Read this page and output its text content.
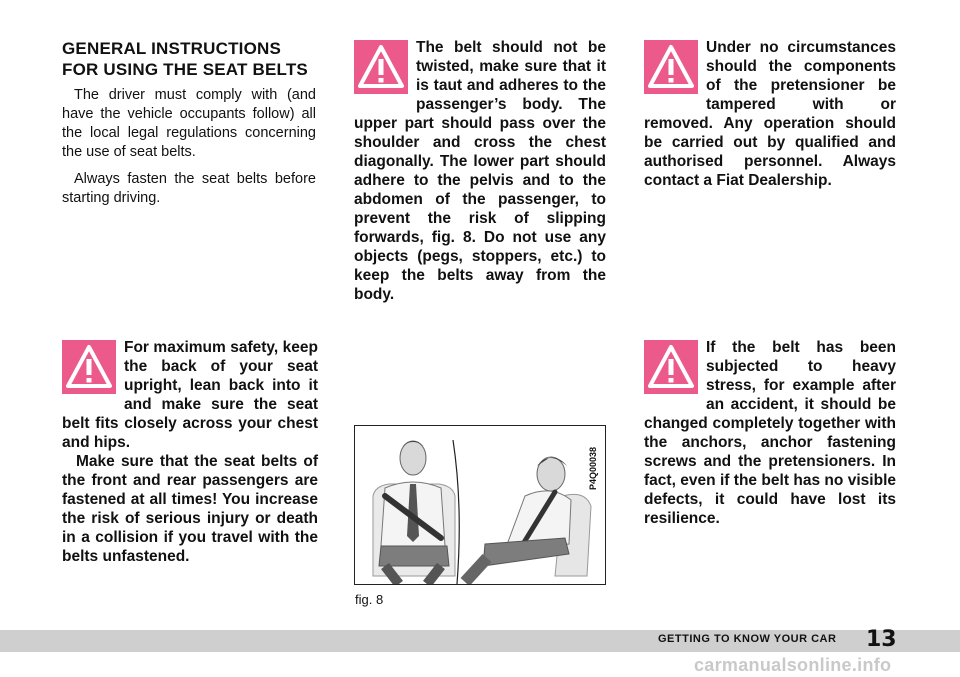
GENERAL INSTRUCTIONS
FOR USING THE SEAT BELTS

The driver must comply with (and have the vehicle occupants follow) all the local legal regulations concerning the use of seat belts.

Always fasten the seat belts before starting driving.

For maximum safety, keep the back of your seat upright, lean back into it and make sure the seat belt fits closely across your chest and hips.

Make sure that the seat belts of the front and rear passengers are fastened at all times! You increase the risk of serious injury or death in a collision if you travel with the belts unfastened.

The belt should not be twisted, make sure that it is taut and adheres to the passenger’s body. The upper part should pass over the shoulder and cross the chest diagonally. The lower part should adhere to the pelvis and to the abdomen of the passenger, to prevent the risk of slipping forwards, fig. 8. Do not use any objects (pegs, stoppers, etc.) to keep the belts away from the body.
P4Q00038
fig. 8
Under no circumstances should the components of the pretensioner be tampered with or removed. Any operation should be carried out by qualified and authorised personnel. Always contact a Fiat Dealership.
If the belt has been subjected to heavy stress, for example after an accident, it should be changed completely together with the anchors, anchor fastening screws and the pretensioners. In fact, even if the belt has no visible defects, it could have lost its resilience.
GETTING TO KNOW YOUR CAR 13
carmanualsonline.info
